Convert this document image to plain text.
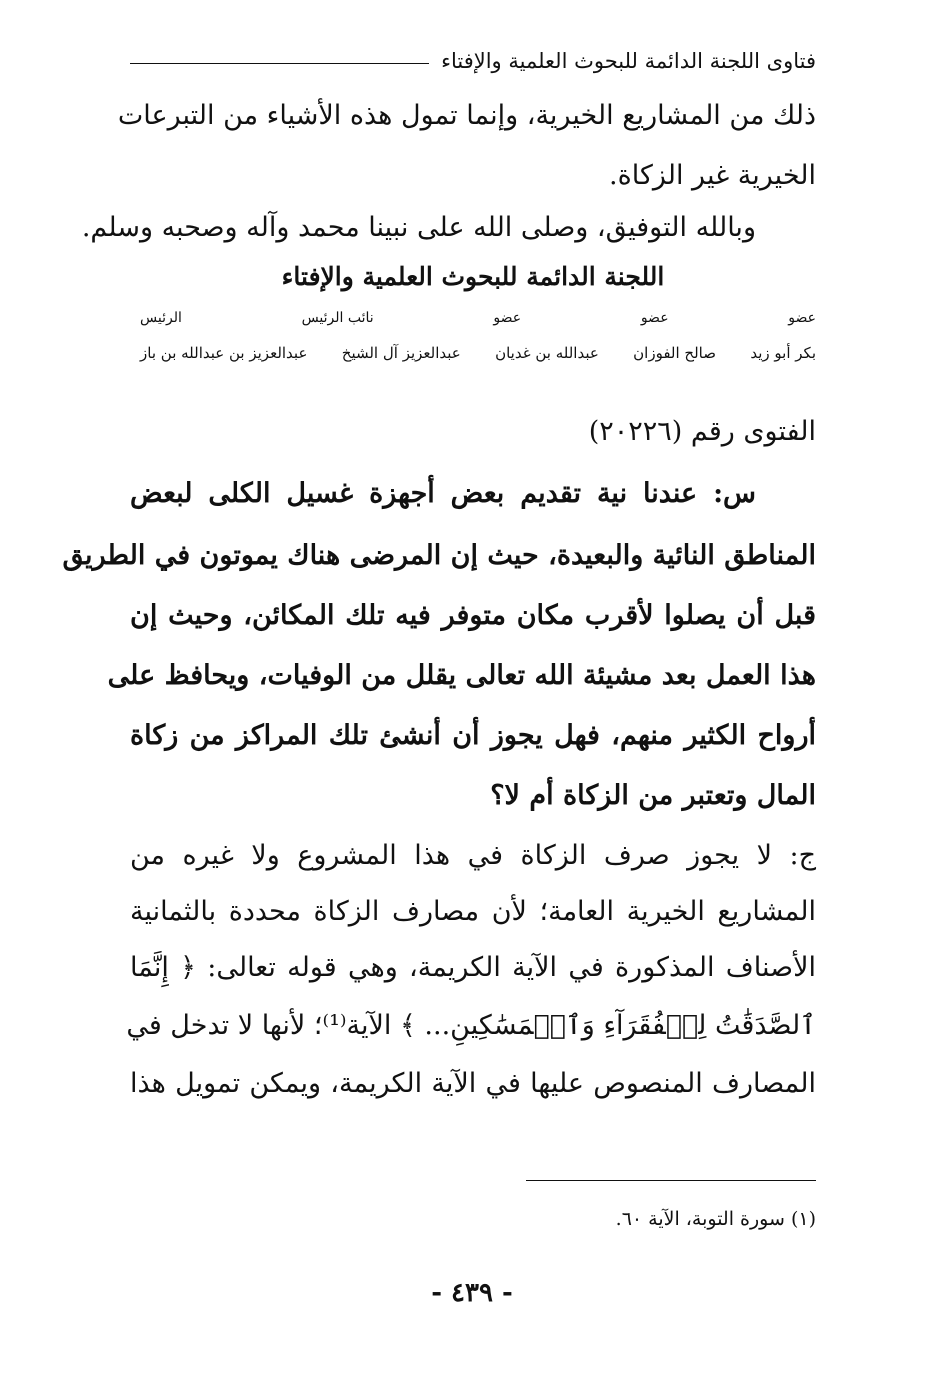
فتاوى اللجنة الدائمة للبحوث العلمية والإفتاء
ذلك من المشاريع الخيرية، وإنما تمول هذه الأشياء من التبرعات
الخيرية غير الزكاة.
وبالله التوفيق، وصلى الله على نبينا محمد وآله وصحبه وسلم.
اللجنة الدائمة للبحوث العلمية والإفتاء
عضو
عضو
عضو
نائب الرئيس
الرئيس
بكر أبو زيد
صالح الفوزان
عبدالله بن غديان
عبدالعزيز آل الشيخ
عبدالعزيز بن عبدالله بن باز
الفتوى رقم (٢٠٢٢٦)
س: عندنا نية تقديم بعض أجهزة غسيل الكلى لبعض
المناطق النائية والبعيدة، حيث إن المرضى هناك يموتون في الطريق
قبل أن يصلوا لأقرب مكان متوفر فيه تلك المكائن، وحيث إن
هذا العمل بعد مشيئة الله تعالى يقلل من الوفيات، ويحافظ على
أرواح الكثير منهم، فهل يجوز أن أنشئ تلك المراكز من زكاة
المال وتعتبر من الزكاة أم لا؟
ج: لا يجوز صرف الزكاة في هذا المشروع ولا غيره من
المشاريع الخيرية العامة؛ لأن مصارف الزكاة محددة بالثمانية
الأصناف المذكورة في الآية الكريمة، وهي قوله تعالى: ﴿ إِنَّمَا
ٱلصَّدَقَٰتُ لِلۡفُقَرَآءِ وَٱلۡمَسَٰكِينِ... ﴾ الآية⁽¹⁾؛ لأنها لا تدخل في
المصارف المنصوص عليها في الآية الكريمة، ويمكن تمويل هذا
(١) سورة التوبة، الآية ٦٠.
- ٤٣٩ -
